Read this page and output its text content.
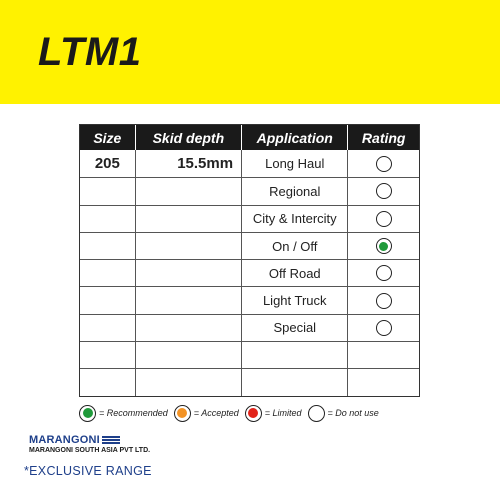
LTM1
Size	Skid depth	Application	Rating
205	15.5mm	Long Haul
Regional
City & Intercity
On / Off
Off Road
Light Truck
Special
= Recommended	= Accepted	= Limited	= Do not use
MARANGONI
MARANGONI SOUTH ASIA PVT LTD.
*EXCLUSIVE RANGE
